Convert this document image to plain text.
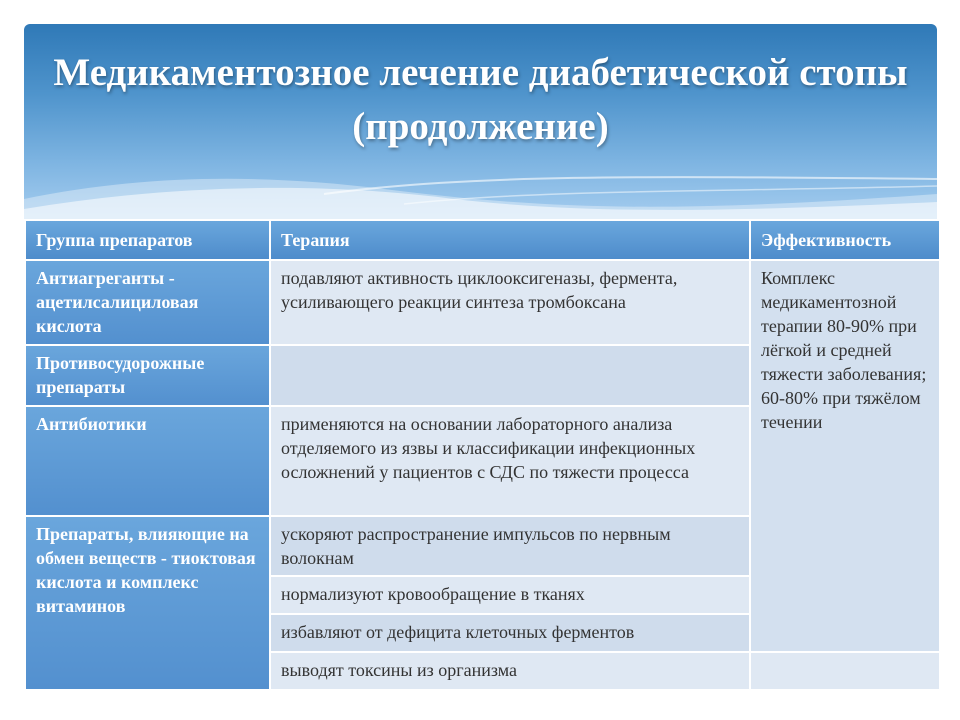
Медикаментозное лечение диабетической стопы (продолжение)
Группа препаратов	Терапия	Эффективность
Антиагреганты - ацетилсалициловая кислота	подавляют активность циклооксигеназы, фермента, усиливающего реакции синтеза тромбоксана	Комплекс медикаментозной терапии 80-90% при лёгкой и средней тяжести заболевания; 60-80% при тяжёлом течении
Противосудорожные препараты		
Антибиотики	применяются на основании лабораторного анализа отделяемого из язвы и классификации инфекционных осложнений у пациентов с СДС по тяжести процесса	
Препараты, влияющие на обмен веществ - тиоктовая кислота и комплекс витаминов	ускоряют распространение импульсов по нервным волокнам	
	нормализуют кровообращение в тканях	
	избавляют от дефицита клеточных ферментов	
	выводят токсины из организма	
